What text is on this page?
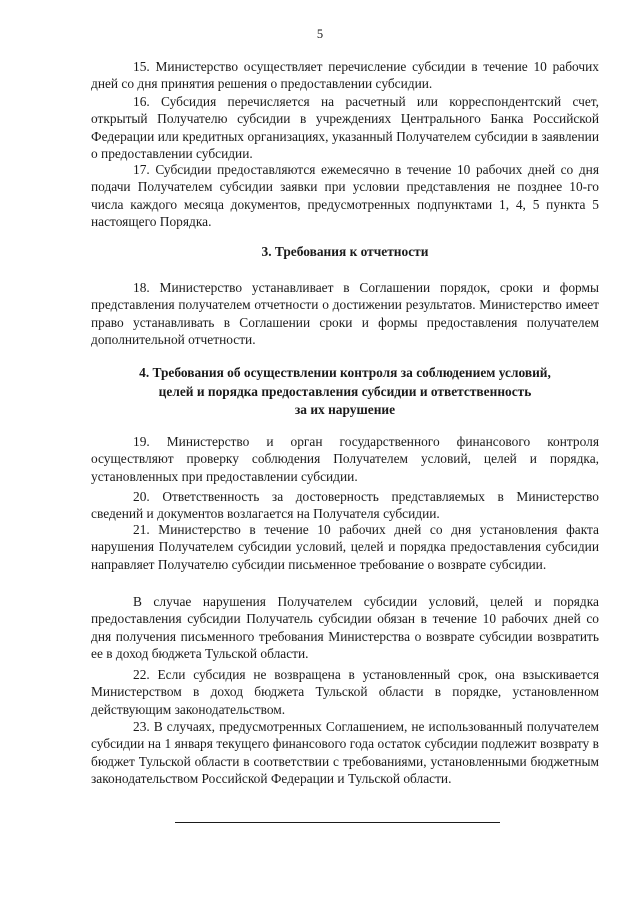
5

15. Министерство осуществляет перечисление субсидии в течение 10 рабочих дней со дня принятия решения о предоставлении субсидии.

16. Субсидия перечисляется на расчетный или корреспондентский счет, открытый Получателю субсидии в учреждениях Центрального Банка Российской Федерации или кредитных организациях, указанный Получателем субсидии в заявлении о предоставлении субсидии.

17. Субсидии предоставляются ежемесячно в течение 10 рабочих дней со дня подачи Получателем субсидии заявки при условии представления не позднее 10-го числа каждого месяца документов, предусмотренных подпунктами 1, 4, 5 пункта 5 настоящего Порядка.

3. Требования к отчетности

18. Министерство устанавливает в Соглашении порядок, сроки и формы представления получателем отчетности о достижении результатов. Министерство имеет право устанавливать в Соглашении сроки и формы предоставления получателем дополнительной отчетности.

4. Требования об осуществлении контроля за соблюдением условий,
целей и порядка предоставления субсидии и ответственность
за их нарушение

19. Министерство и орган государственного финансового контроля осуществляют проверку соблюдения Получателем условий, целей и порядка, установленных при предоставлении субсидии.

20. Ответственность за достоверность представляемых в Министерство сведений и документов возлагается на Получателя субсидии.

21. Министерство в течение 10 рабочих дней со дня установления факта нарушения Получателем субсидии условий, целей и порядка предоставления субсидии направляет Получателю субсидии письменное требование о возврате субсидии.

В случае нарушения Получателем субсидии условий, целей и порядка предоставления субсидии Получатель субсидии обязан в течение 10 рабочих дней со дня получения письменного требования Министерства о возврате субсидии возвратить ее в доход бюджета Тульской области.

22. Если субсидия не возвращена в установленный срок, она взыскивается Министерством в доход бюджета Тульской области в порядке, установленном действующим законодательством.

23. В случаях, предусмотренных Соглашением, не использованный получателем субсидии на 1 января текущего финансового года остаток субсидии подлежит возврату в бюджет Тульской области в соответствии с требованиями, установленными бюджетным законодательством Российской Федерации и Тульской области.
